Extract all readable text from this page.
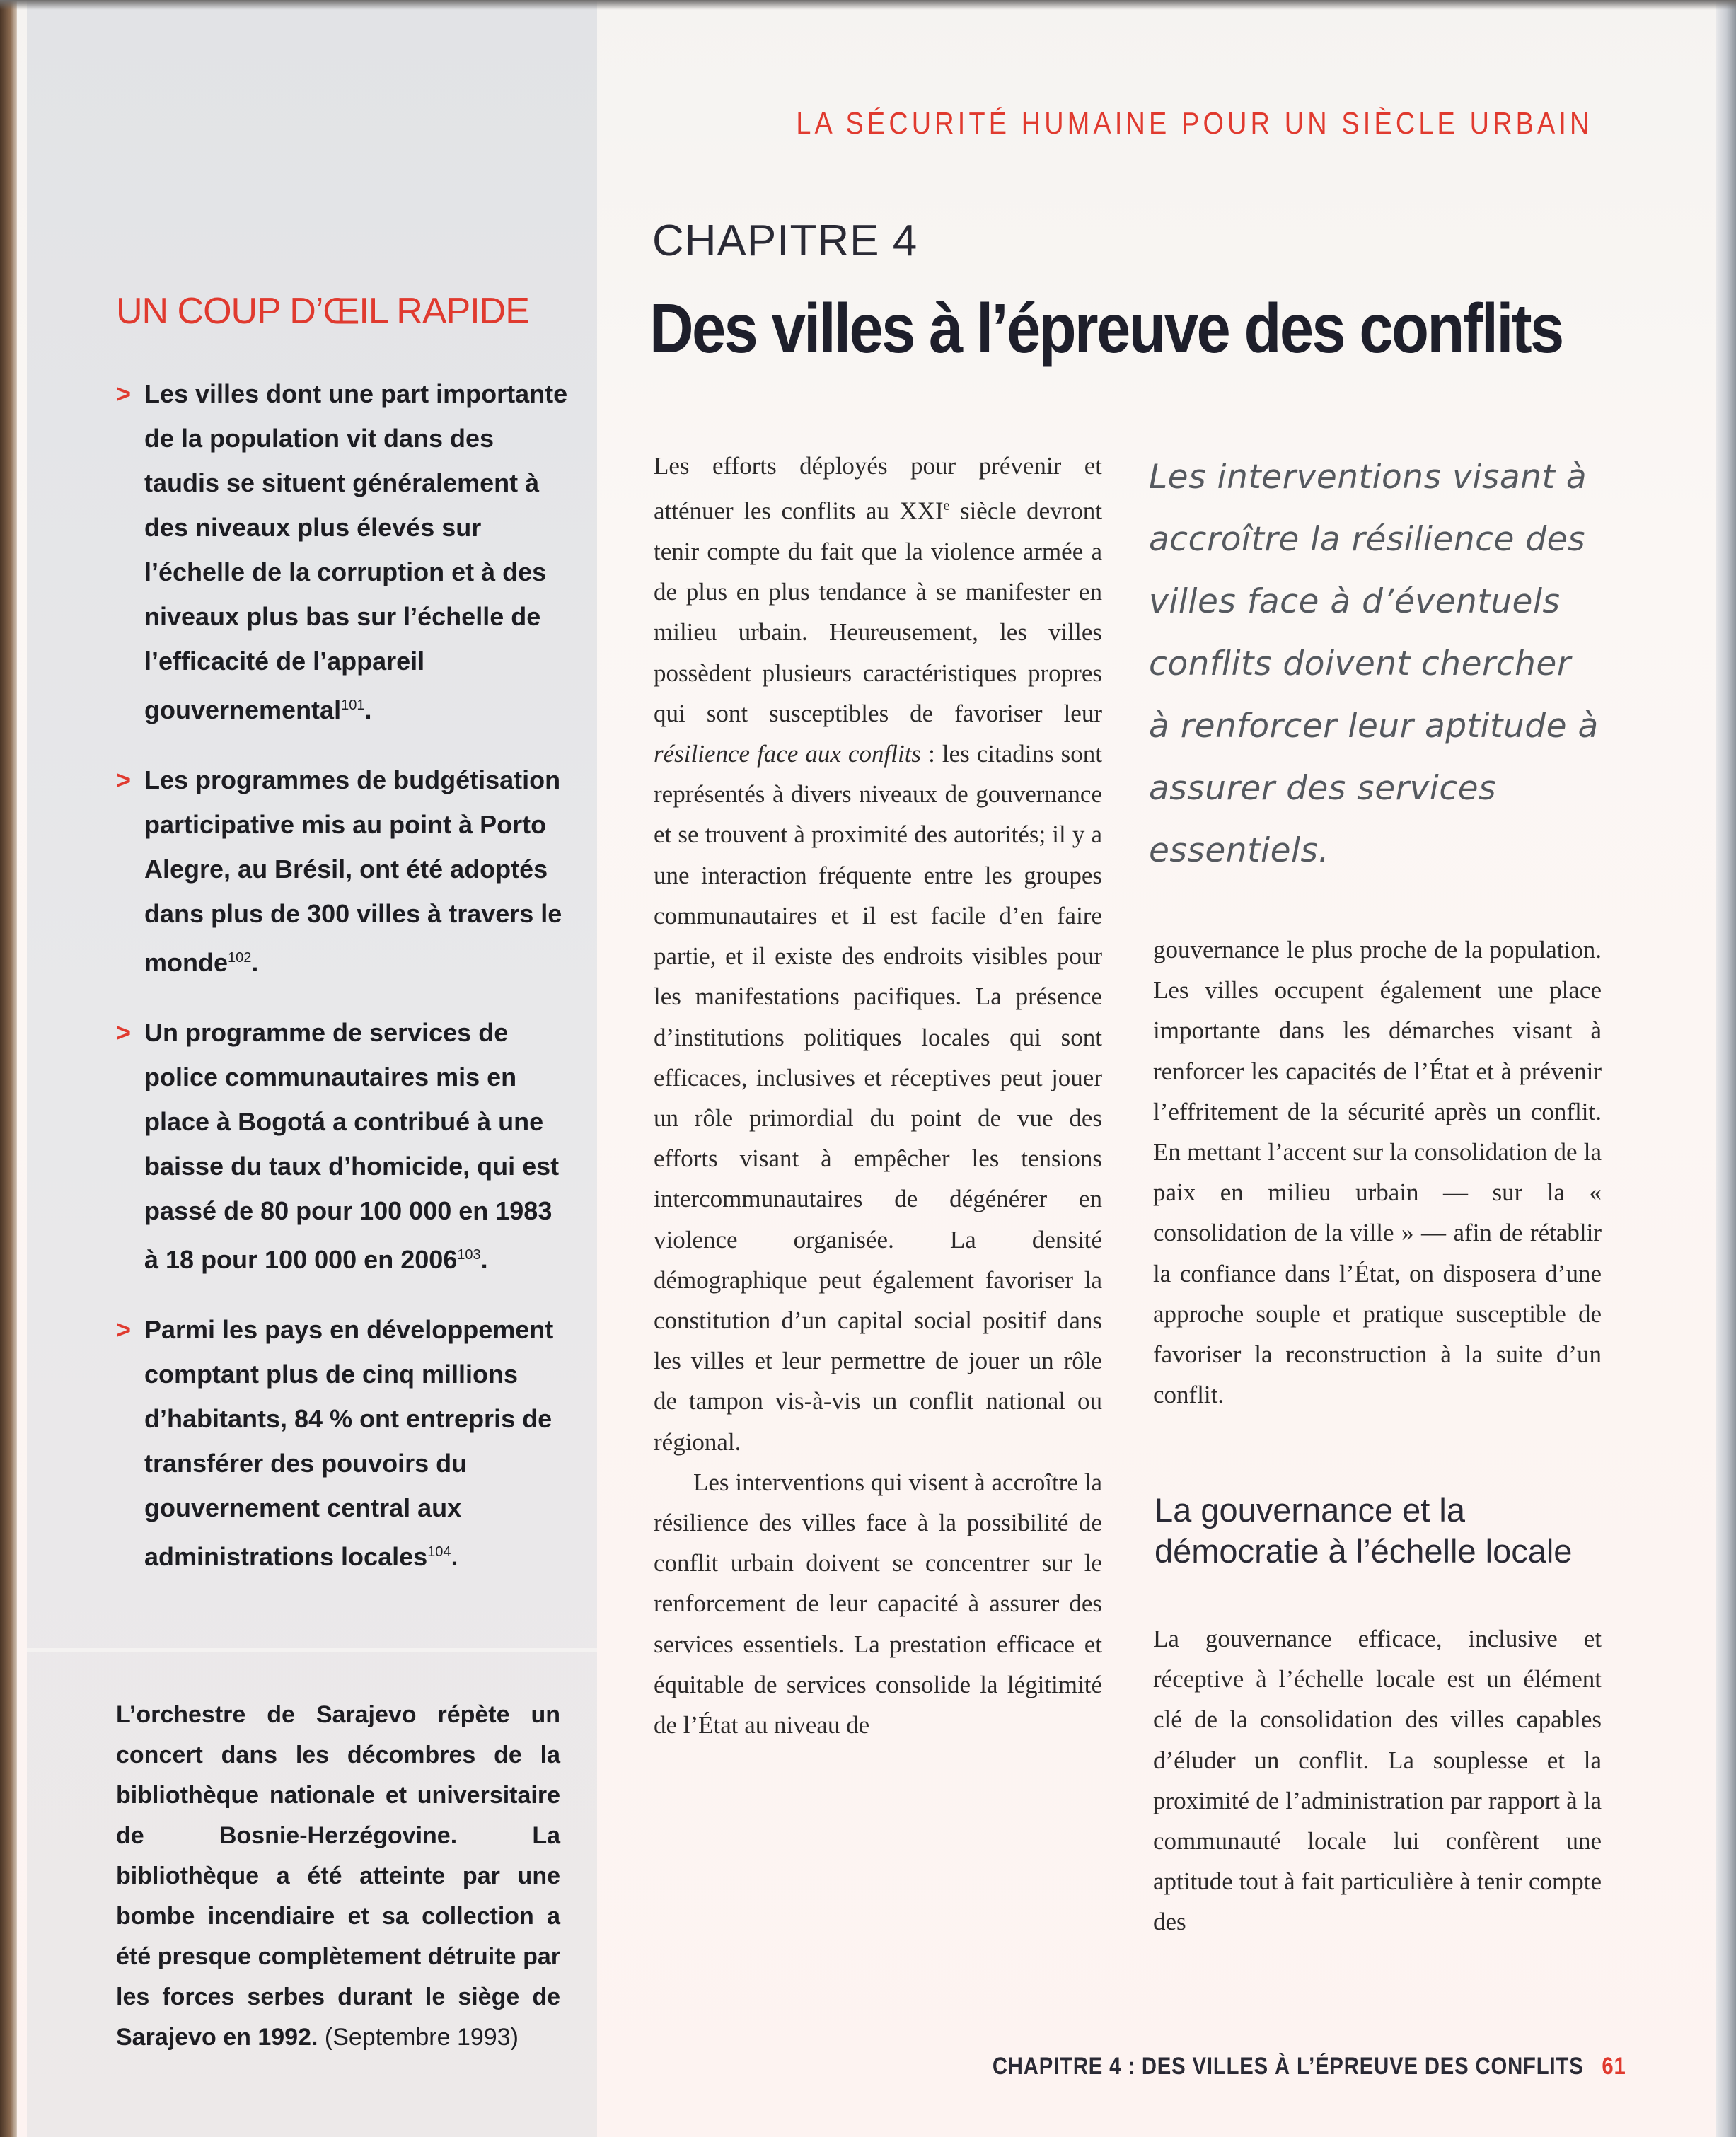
LA SÉCURITÉ HUMAINE POUR UN SIÈCLE URBAIN
UN COUP D’ŒIL RAPIDE
> Les villes dont une part importante de la population vit dans des taudis se situent généralement à des niveaux plus élevés sur l’échelle de la corruption et à des niveaux plus bas sur l’échelle de l’efficacité de l’appareil gouvernemental$^{101}$.
> Les programmes de budgétisation participative mis au point à Porto Alegre, au Brésil, ont été adoptés dans plus de 300 villes à travers le monde$^{102}$.
> Un programme de services de police communautaires mis en place à Bogotá a contribué à une baisse du taux d’homicide, qui est passé de 80 pour 100 000 en 1983 à 18 pour 100 000 en $2006^{103}$.
> Parmi les pays en développement comptant plus de cinq millions d’habitants, 84 % ont entrepris de transférer des pouvoirs du gouvernement central aux administrations locales$^{104}$.
L’orchestre de Sarajevo répète un concert dans les décombres de la bibliothèque nationale et universitaire de Bosnie-Herzégovine. La bibliothèque a été atteinte par une bombe incendiaire et sa collection a été presque complètement détruite par les forces serbes durant le siège de Sarajevo en 1992. (Septembre 1993)
CHAPITRE 4
Des villes à l’épreuve des conflits

Les efforts déployés pour prévenir et atténuer les conflits au XXIe siècle devront tenir compte du fait que la violence armée a de plus en plus tendance à se manifester en milieu urbain. Heureusement, les villes possèdent plusieurs caractéristiques propres qui sont susceptibles de favoriser leur résilience face aux conflits : les citadins sont représentés à divers niveaux de gouvernance et se trouvent à proximité des autorités; il y a une interaction fréquente entre les groupes communautaires et il est facile d’en faire partie, et il existe des endroits visibles pour les manifestations pacifiques. La présence d’institutions politiques locales qui sont efficaces, inclusives et réceptives peut jouer un rôle primordial du point de vue des efforts visant à empêcher les tensions intercommunautaires de dégénérer en violence organisée. La densité démographique peut également favoriser la constitution d’un capital social positif dans les villes et leur permettre de jouer un rôle de tampon vis-à-vis un conflit national ou régional.

Les interventions qui visent à accroître la résilience des villes face à la possibilité de conflit urbain doivent se concentrer sur le renforcement de leur capacité à assurer des services essentiels. La prestation efficace et équitable de services consolide la légitimité de l’État au niveau de

Les interventions visant à accroître la résilience des villes face à d’éventuels conflits doivent chercher à renforcer leur aptitude à assurer des services essentiels.

gouvernance le plus proche de la population. Les villes occupent également une place importante dans les démarches visant à renforcer les capacités de l’État et à prévenir l’effritement de la sécurité après un conflit. En mettant l’accent sur la consolidation de la paix en milieu urbain — sur la « consolidation de la ville » — afin de rétablir la confiance dans l’État, on disposera d’une approche souple et pratique susceptible de favoriser la reconstruction à la suite d’un conflit.

La gouvernance et la démocratie à l’échelle locale

La gouvernance efficace, inclusive et réceptive à l’échelle locale est un élément clé de la consolidation des villes capables d’éluder un conflit. La souplesse et la proximité de l’administration par rapport à la communauté locale lui confèrent une aptitude tout à fait particulière à tenir compte des

CHAPITRE 4 : DES VILLES À L’ÉPREUVE DES CONFLITS 61
